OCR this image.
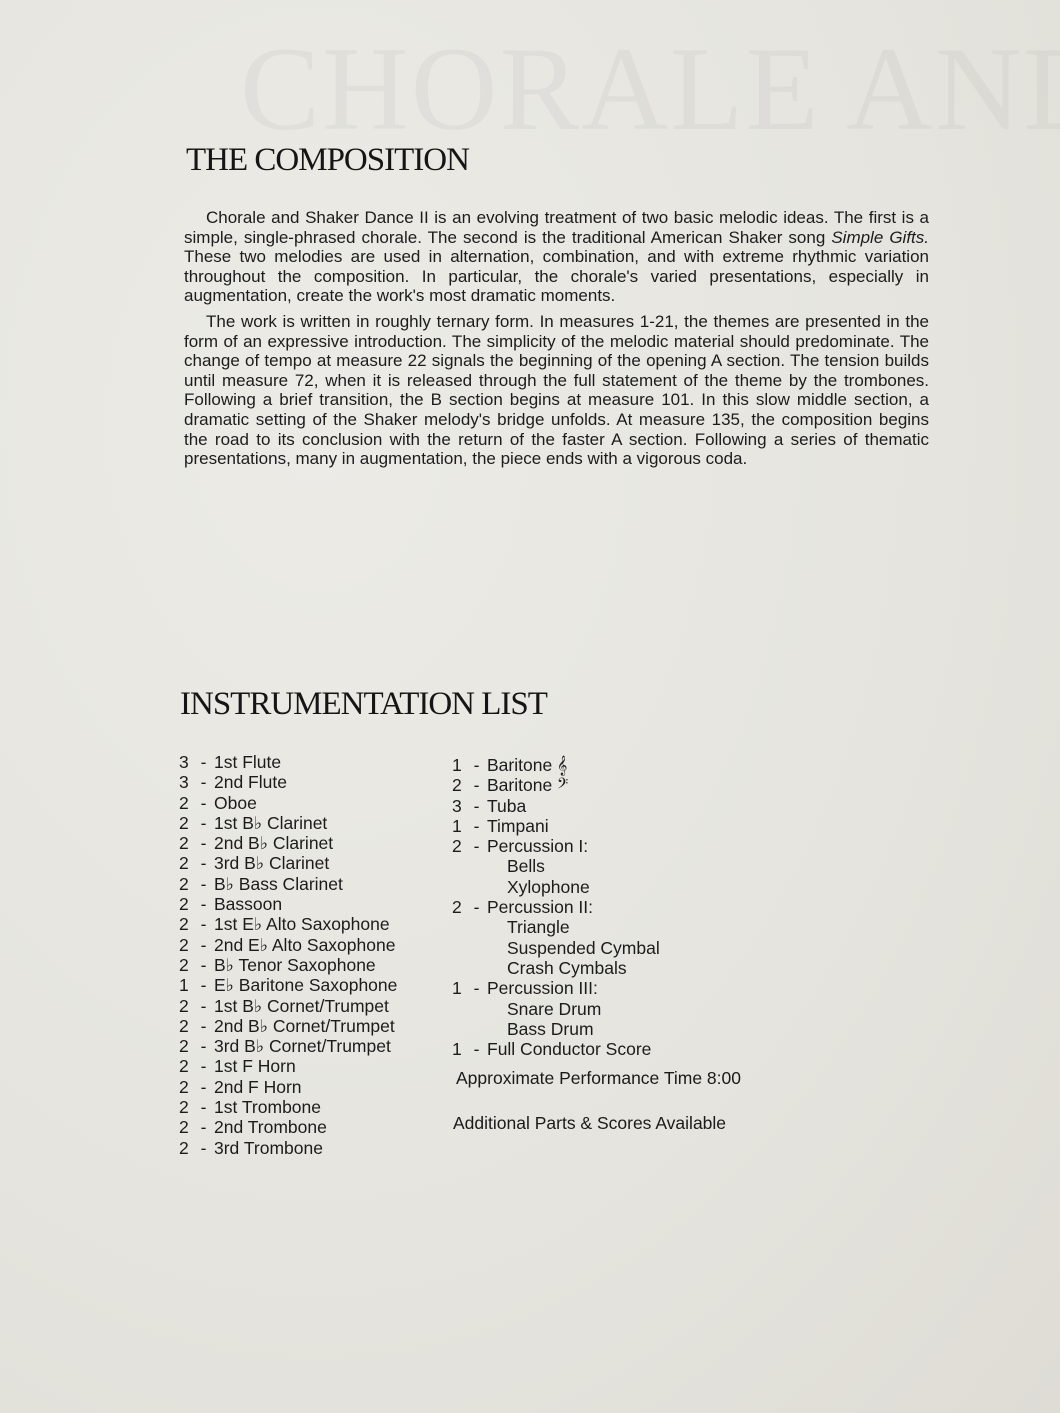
THE COMPOSITION

Chorale and Shaker Dance II is an evolving treatment of two basic melodic ideas. The first is a simple, single-phrased chorale. The second is the traditional American Shaker song Simple Gifts. These two melodies are used in alternation, combination, and with extreme rhythmic variation throughout the composition. In particular, the chorale's varied presentations, especially in augmentation, create the work's most dramatic moments.

The work is written in roughly ternary form. In measures 1-21, the themes are presented in the form of an expressive introduction. The simplicity of the melodic material should predominate. The change of tempo at measure 22 signals the beginning of the opening A section. The tension builds until measure 72, when it is released through the full statement of the theme by the trombones. Following a brief transition, the B section begins at measure 101. In this slow middle section, a dramatic setting of the Shaker melody's bridge unfolds. At measure 135, the composition begins the road to its conclusion with the return of the faster A section. Following a series of thematic presentations, many in augmentation, the piece ends with a vigorous coda.

INSTRUMENTATION LIST
3 - 1st Flute
3 - 2nd Flute
2 - Oboe
2 - 1st B♭ Clarinet
2 - 2nd B♭ Clarinet
2 - 3rd B♭ Clarinet
2 - B♭ Bass Clarinet
2 - Bassoon
2 - 1st E♭ Alto Saxophone
2 - 2nd E♭ Alto Saxophone
2 - B♭ Tenor Saxophone
1 - E♭ Baritone Saxophone
2 - 1st B♭ Cornet/Trumpet
2 - 2nd B♭ Cornet/Trumpet
2 - 3rd B♭ Cornet/Trumpet
2 - 1st F Horn
2 - 2nd F Horn
2 - 1st Trombone
2 - 2nd Trombone
2 - 3rd Trombone
1 - Baritone 𝄞
2 - Baritone 𝄢
3 - Tuba
1 - Timpani
2 - Percussion I:
Bells
Xylophone
2 - Percussion II:
Triangle
Suspended Cymbal
Crash Cymbals
1 - Percussion III:
Snare Drum
Bass Drum
1 - Full Conductor Score
Approximate Performance Time 8:00
Additional Parts & Scores Available
